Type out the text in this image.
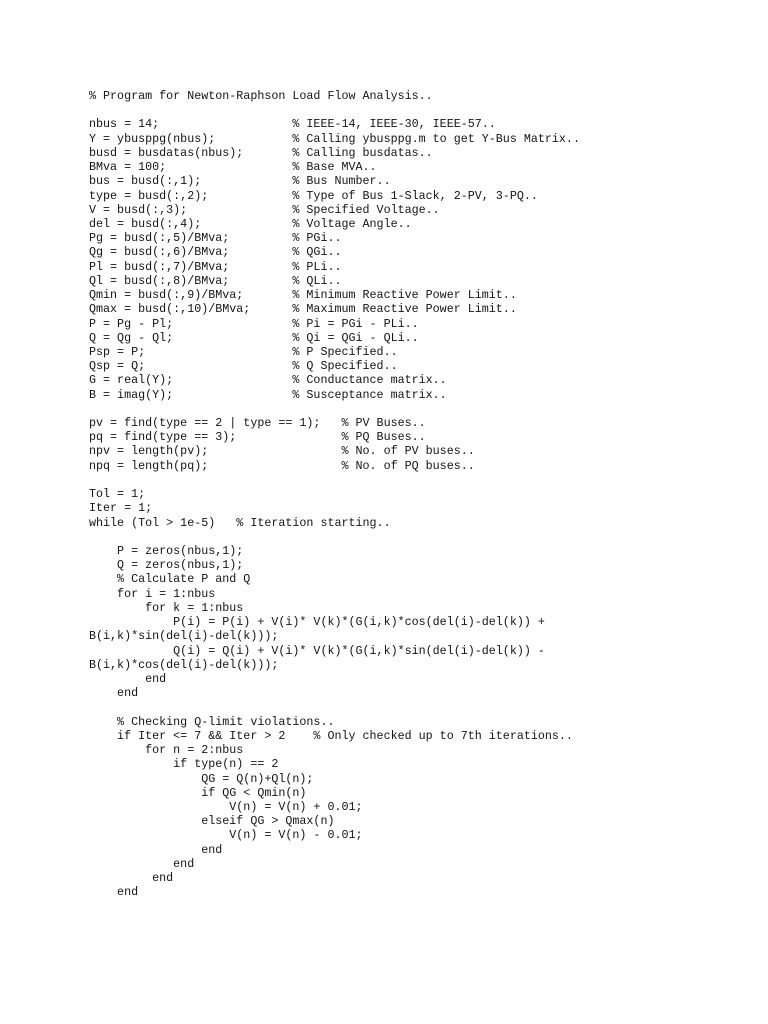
% Program for Newton-Raphson Load Flow Analysis..
nbus = 14;                   % IEEE-14, IEEE-30, IEEE-57..
Y = ybusppg(nbus);           % Calling ybusppg.m to get Y-Bus Matrix..
busd = busdatas(nbus);       % Calling busdatas..
BMva = 100;                  % Base MVA..
bus = busd(:,1);             % Bus Number..
type = busd(:,2);            % Type of Bus 1-Slack, 2-PV, 3-PQ..
V = busd(:,3);               % Specified Voltage..
del = busd(:,4);             % Voltage Angle..
Pg = busd(:,5)/BMva;         % PGi..
Qg = busd(:,6)/BMva;         % QGi..
Pl = busd(:,7)/BMva;         % PLi..
Ql = busd(:,8)/BMva;         % QLi..
Qmin = busd(:,9)/BMva;       % Minimum Reactive Power Limit..
Qmax = busd(:,10)/BMva;      % Maximum Reactive Power Limit..
P = Pg - Pl;                 % Pi = PGi - PLi..
Q = Qg - Ql;                 % Qi = QGi - QLi..
Psp = P;                     % P Specified..
Qsp = Q;                     % Q Specified..
G = real(Y);                 % Conductance matrix..
B = imag(Y);                 % Susceptance matrix..
pv = find(type == 2 | type == 1);   % PV Buses..
pq = find(type == 3);               % PQ Buses..
npv = length(pv);                   % No. of PV buses..
npq = length(pq);                   % No. of PQ buses..
Tol = 1;
Iter = 1;
while (Tol > 1e-5)   % Iteration starting..
P = zeros(nbus,1);
Q = zeros(nbus,1);
% Calculate P and Q
for i = 1:nbus
for k = 1:nbus
P(i) = P(i) + V(i)* V(k)*(G(i,k)*cos(del(i)-del(k)) +
B(i,k)*sin(del(i)-del(k)));
Q(i) = Q(i) + V(i)* V(k)*(G(i,k)*sin(del(i)-del(k)) -
B(i,k)*cos(del(i)-del(k)));
end
end
% Checking Q-limit violations..
if Iter <= 7 && Iter > 2    % Only checked up to 7th iterations..
for n = 2:nbus
if type(n) == 2
QG = Q(n)+Ql(n);
if QG < Qmin(n)
V(n) = V(n) + 0.01;
elseif QG > Qmax(n)
V(n) = V(n) - 0.01;
end
end
end
end
